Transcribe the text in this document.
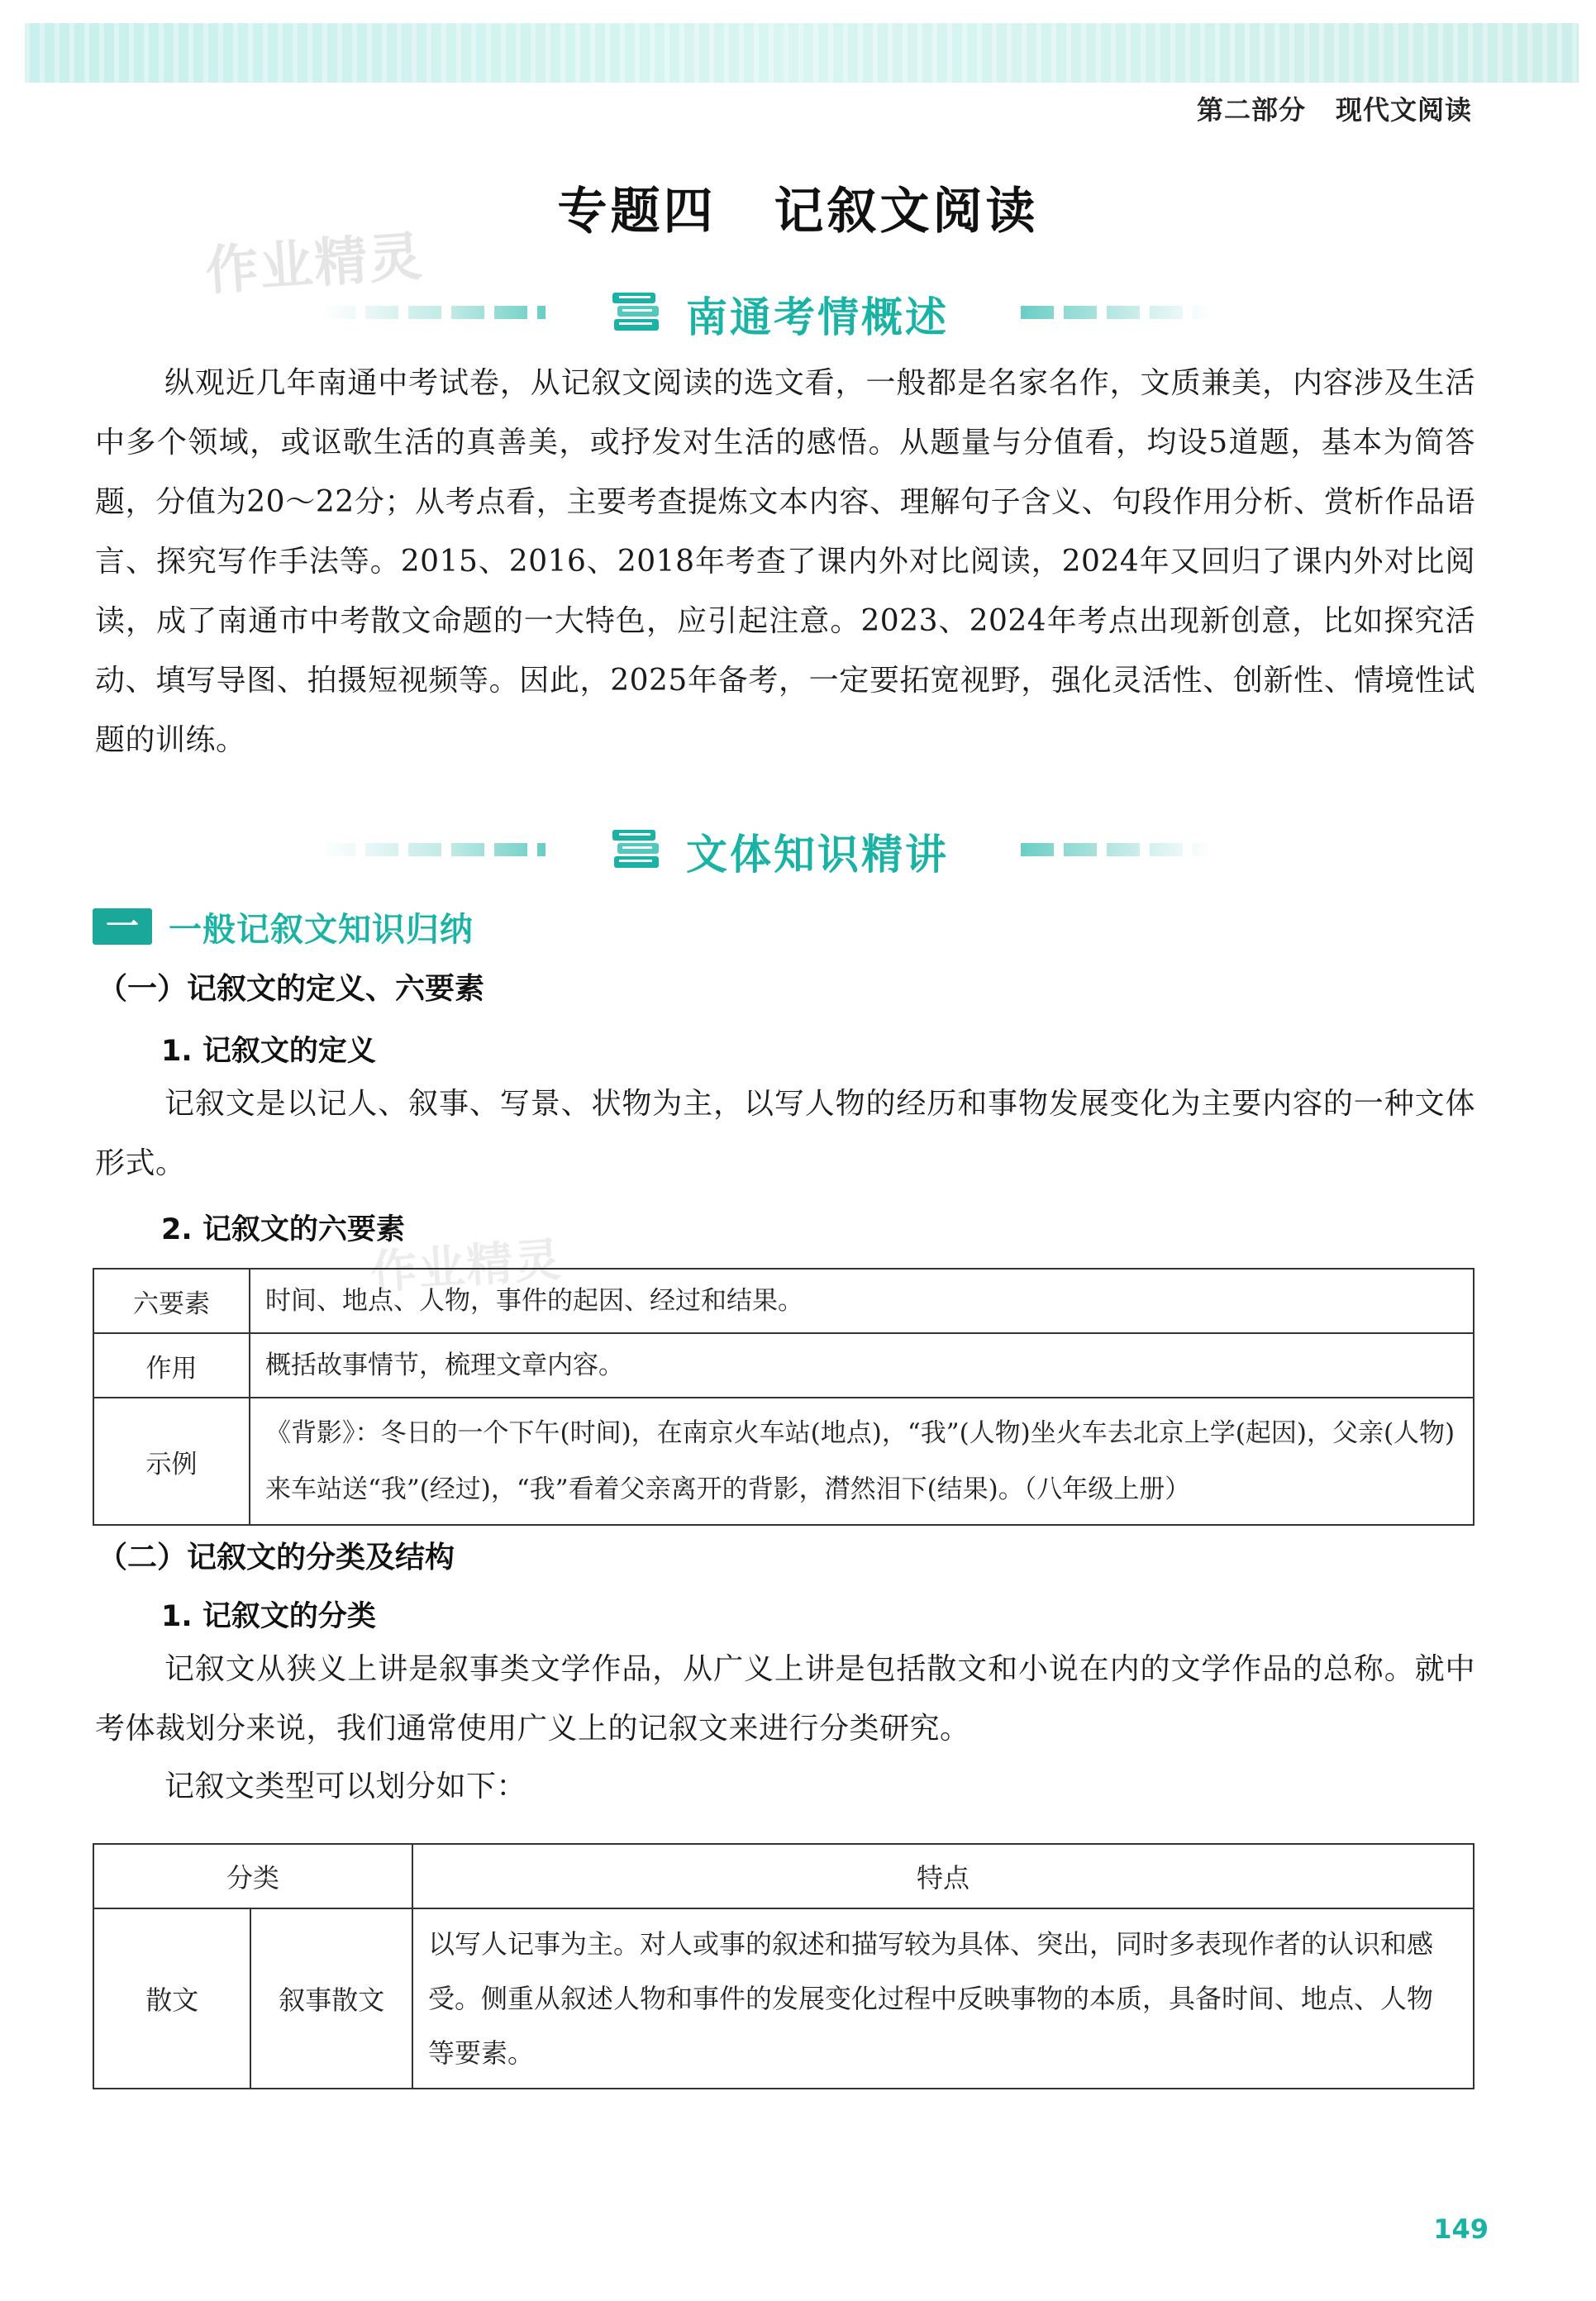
第二部分 现代文阅读
专题四 记叙文阅读
作业精灵
作业精灵
南通考情概述

纵观近几年南通中考试卷，从记叙文阅读的选文看，一般都是名家名作，文质兼美，内容涉及生活中多个领域，或讴歌生活的真善美，或抒发对生活的感悟。从题量与分值看，均设5道题，基本为简答题，分值为20～22分；从考点看，主要考查提炼文本内容、理解句子含义、句段作用分析、赏析作品语言、探究写作手法等。2015、2016、2018年考查了课内外对比阅读，2024年又回归了课内外对比阅读，成了南通市中考散文命题的一大特色，应引起注意。2023、2024年考点出现新创意，比如探究活动、填写导图、拍摄短视频等。因此，2025年备考，一定要拓宽视野，强化灵活性、创新性、情境性试题的训练。

文体知识精讲
一 一般记叙文知识归纳
（一）记叙文的定义、六要素
1. 记叙文的定义

记叙文是以记人、叙事、写景、状物为主，以写人物的经历和事物发展变化为主要内容的一种文体形式。

2. 记叙文的六要素
六要素	时间、地点、人物，事件的起因、经过和结果。
作用	概括故事情节，梳理文章内容。
示例	《背影》：冬日的一个下午(时间)，在南京火车站(地点)，“我”(人物)坐火车去北京上学(起因)，父亲(人物)来车站送“我”(经过)，“我”看着父亲离开的背影，潸然泪下(结果)。（八年级上册）
（二）记叙文的分类及结构
1. 记叙文的分类

记叙文从狭义上讲是叙事类文学作品，从广义上讲是包括散文和小说在内的文学作品的总称。就中考体裁划分来说，我们通常使用广义上的记叙文来进行分类研究。

记叙文类型可以划分如下：

分类		特点
散文	叙事散文	以写人记事为主。对人或事的叙述和描写较为具体、突出，同时多表现作者的认识和感受。侧重从叙述人物和事件的发展变化过程中反映事物的本质，具备时间、地点、人物等要素。
149
